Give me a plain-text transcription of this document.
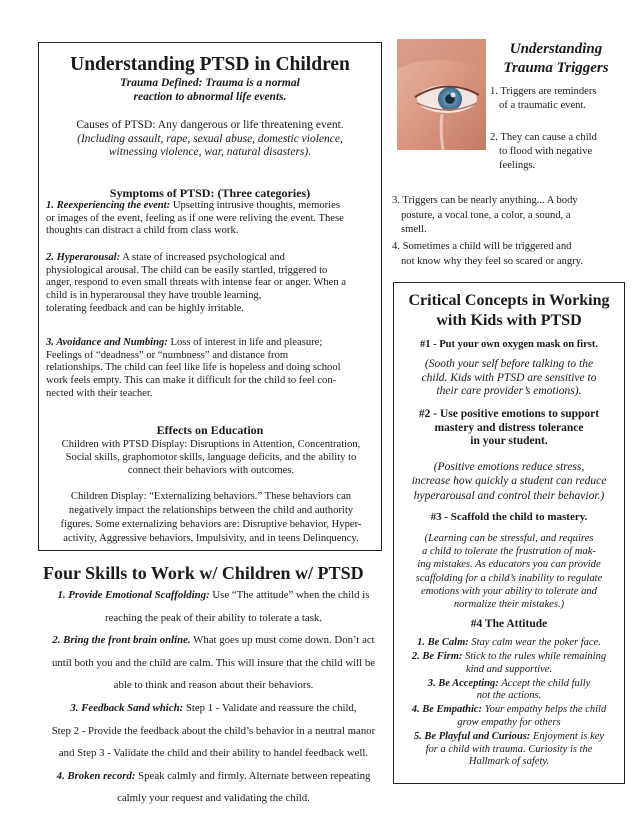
Understanding PTSD in Children

Trauma Defined: Trauma is a normal

reaction to abnormal life events.

Causes of PTSD: Any dangerous or life threatening event.

(Including assault, rape, sexual abuse, domestic violence,

witnessing violence, war, natural disasters).

Symptoms of PTSD: (Three categories)

1. Reexperiencing the event: Upsetting intrusive thoughts, memories

or images of the event, feeling as if one were reliving the event. These

thoughts can distract a child from class work.

2. Hyperarousal: A state of increased psychological and

physiological arousal. The child can be easily startled, triggered to

anger, respond to even small threats with intense fear or anger. When a

child is in hyperarousal they have trouble learning,

tolerating feedback and can be highly irritable.

3. Avoidance and Numbing: Loss of interest in life and pleasure;

Feelings of “deadness” or “numbness” and distance from

relationships. The child can feel like life is hopeless and doing school

work feels empty. This can make it difficult for the child to feel con-

nected with their teacher.

Effects on Education

Children with PTSD Display: Disruptions in Attention, Concentration,

Social skills, graphomotor skills, language deficits, and the ability to

connect their behaviors with outcomes.

Children Display: “Externalizing behaviors.” These behaviors can

negatively impact the relationships between the child and authority

figures. Some externalizing behaviors are: Disruptive behavior, Hyper-

activity, Aggressive behaviors, Impulsivity, and in teens Delinquency.

Four Skills to Work w/ Children w/ PTSD

1. Provide Emotional Scaffolding: Use “The attitude” when the child is

reaching the peak of their ability to tolerate a task.

2. Bring the front brain online. What goes up must come down. Don’t act

until both you and the child are calm. This will insure that the child will be

able to think and reason about their behaviors.

3. Feedback Sand which: Step 1 - Validate and reassure the child,

Step 2 - Provide the feedback about the child’s behavior in a neutral manor

and Step 3 - Validate the child and their ability to handel feedback well.

4. Broken record: Speak calmly and firmly. Alternate between repeating

calmly your request and validating the child.

Understanding

Trauma Triggers

1. Triggers are reminders

of a traumatic event.

2. They can cause a child

to flood with negative

feelings.

3. Triggers can be nearly anything... A body

posture, a vocal tone, a color, a sound, a

smell.

4. Sometimes a child will be triggered and

not know why they feel so scared or angry.

Critical Concepts in Working

with Kids with PTSD

#1 - Put your own oxygen mask on first.

(Sooth your self before talking to the

child. Kids with PTSD are sensitive to

their care provider’s emotions).

#2 - Use positive emotions to support

mastery and distress tolerance

in your student.

(Positive emotions reduce stress,

increase how quickly a student can reduce

hyperarousal and control their behavior.)

#3 - Scaffold the child to mastery.

(Learning can be stressful, and requires

a child to tolerate the frustration of mak-

ing mistakes. As educators you can provide

scaffolding for a child’s inability to regulate

emotions with your ability to tolerate and

normalize their mistakes.)

#4 The Attitude

1. Be Calm: Stay calm wear the poker face.

2. Be Firm: Stick to the rules while remaining
kind and supportive.

3. Be Accepting: Accept the child fully
not the actions.

4. Be Empathic: Your empathy helps the child
grow empathy for others

5. Be Playful and Curious: Enjoyment is key
for a child with trauma. Curiosity is the
Hallmark of safety.
